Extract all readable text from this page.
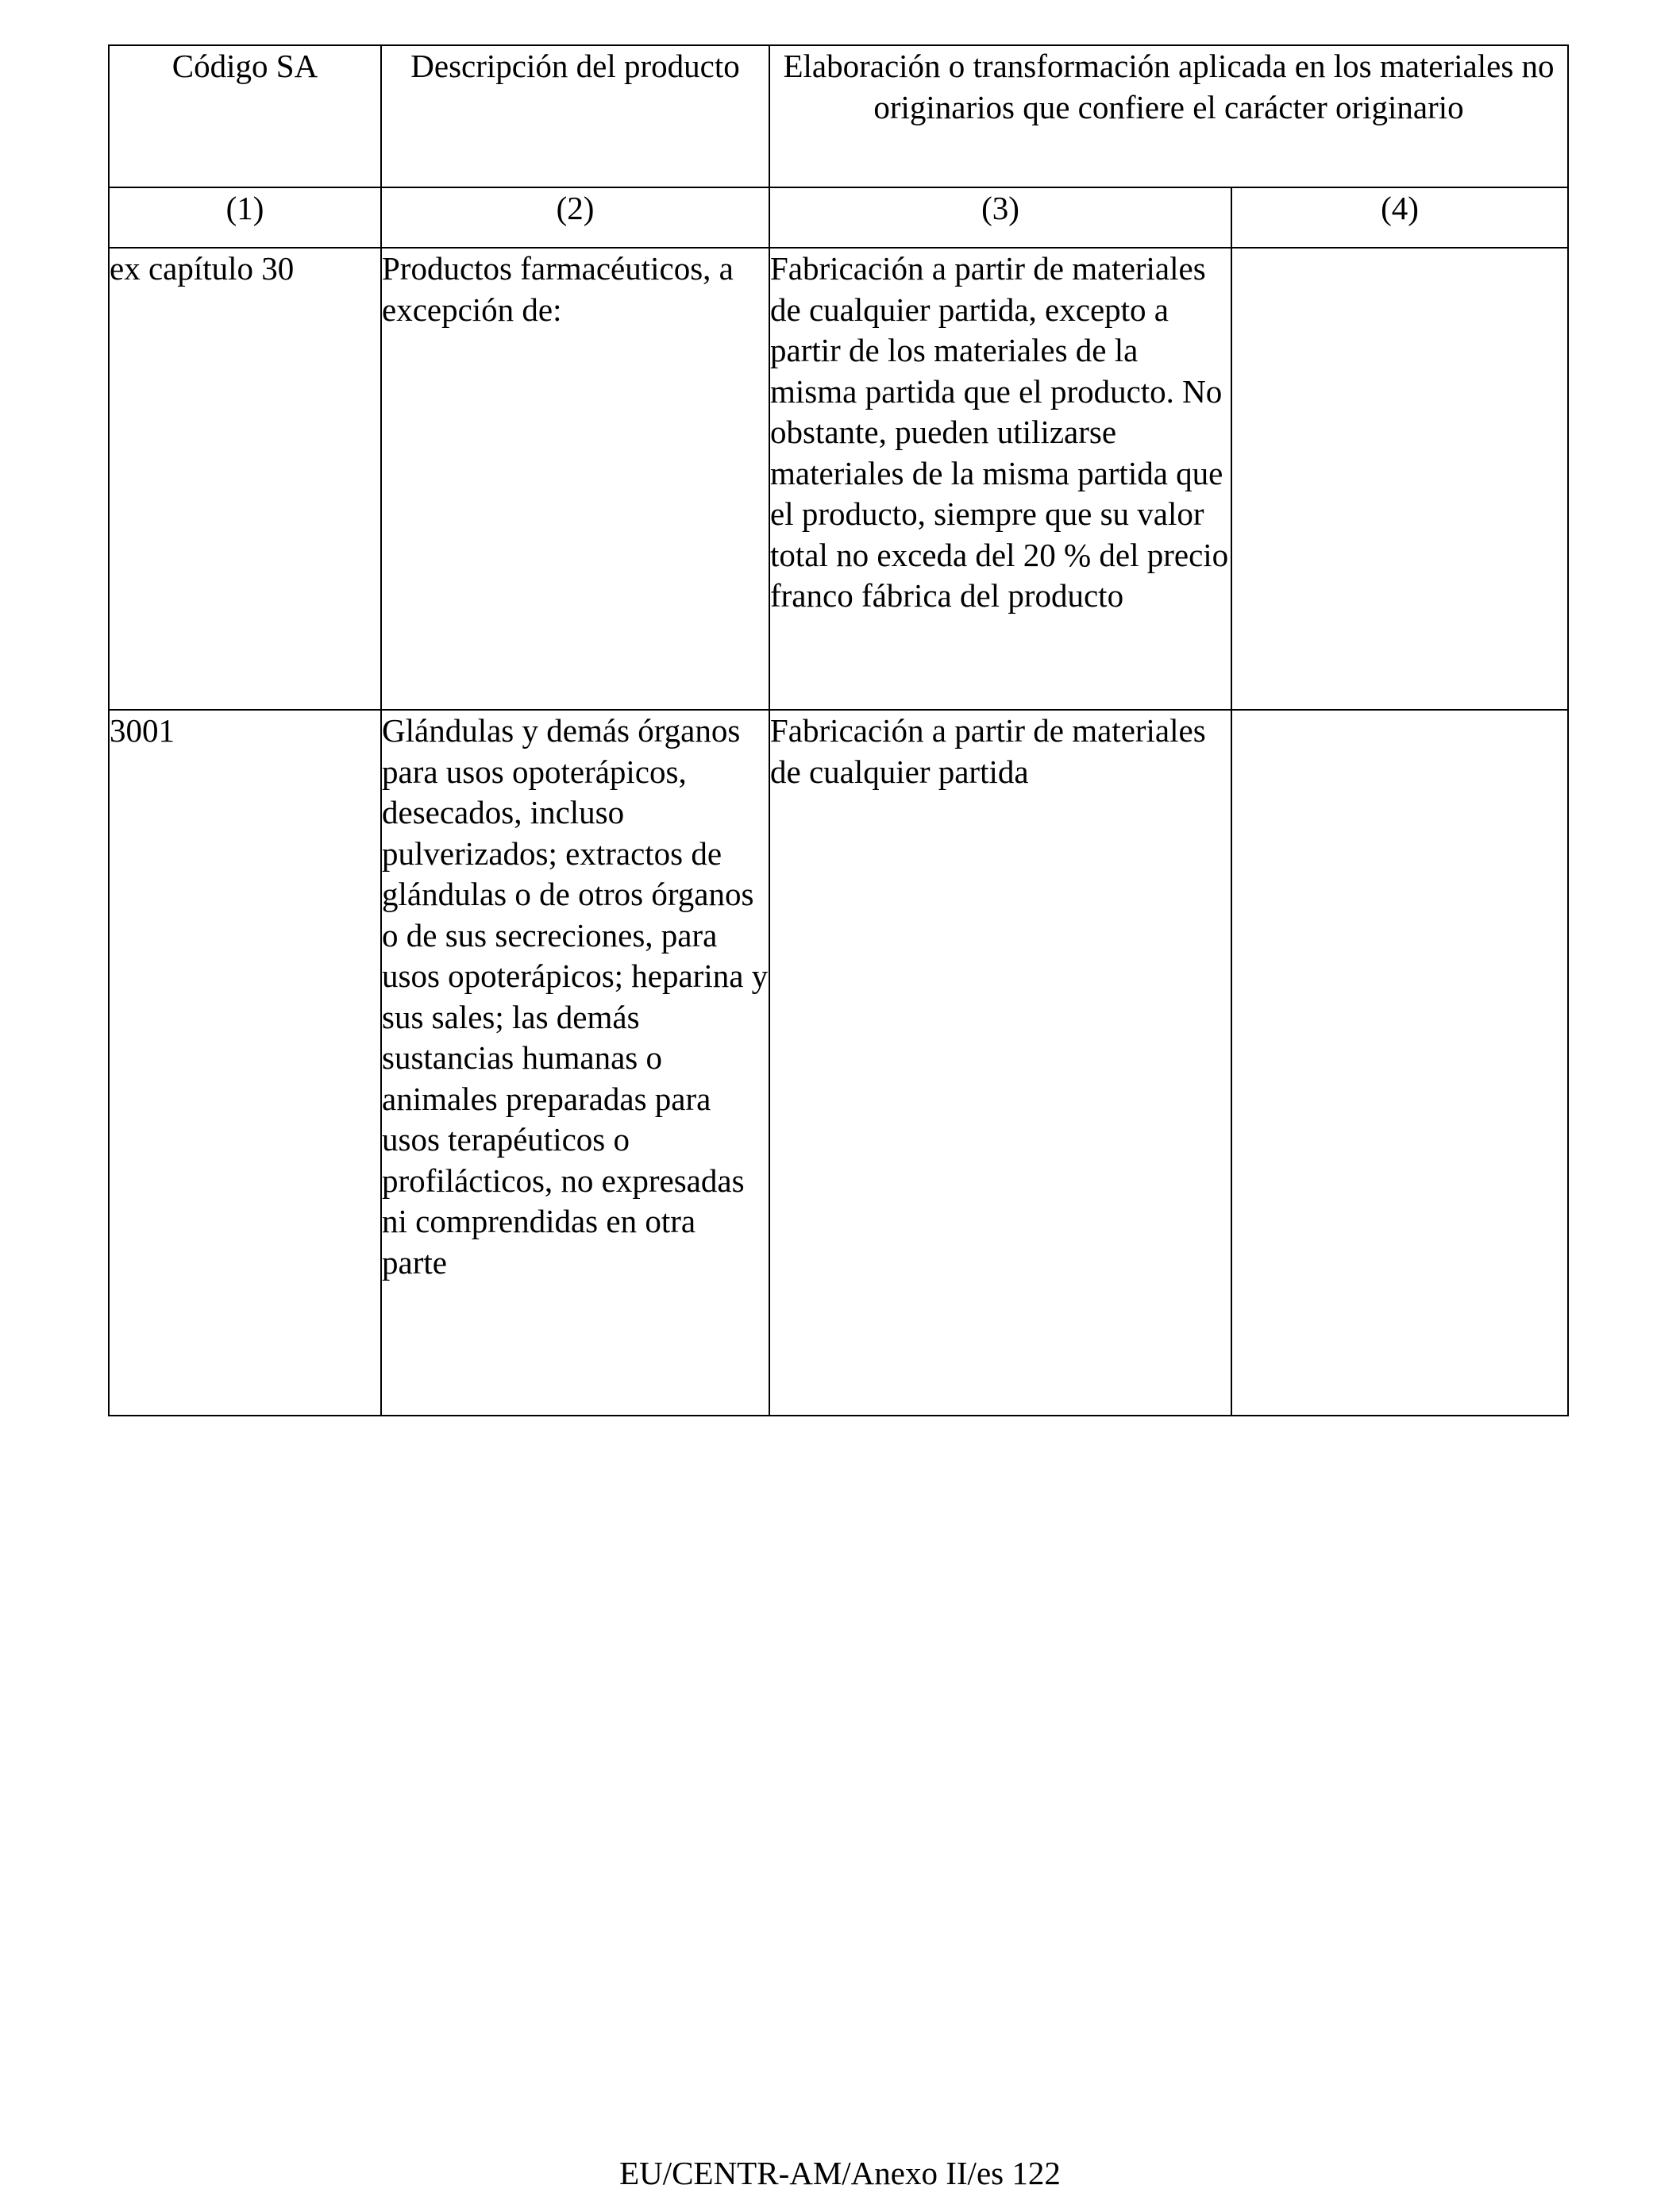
Código SA	Descripción del producto	Elaboración o transformación aplicada en los materiales no originarios que confiere el carácter originario	
(1)	(2)	(3)	(4)
ex capítulo 30	Productos farmacéuticos, a excepción de:	Fabricación a partir de materiales de cualquier partida, excepto a partir de los materiales de la misma partida que el producto. No obstante, pueden utilizarse materiales de la misma partida que el producto, siempre que su valor total no exceda del 20 % del precio franco fábrica del producto	
3001	Glándulas y demás órganos para usos opoterápicos, desecados, incluso pulverizados; extractos de glándulas o de otros órganos o de sus secreciones, para usos opoterápicos; heparina y sus sales; las demás sustancias humanas o animales preparadas para usos terapéuticos o profilácticos, no expresadas ni comprendidas en otra parte	Fabricación a partir de materiales de cualquier partida	
EU/CENTR-AM/Anexo II/es 122
